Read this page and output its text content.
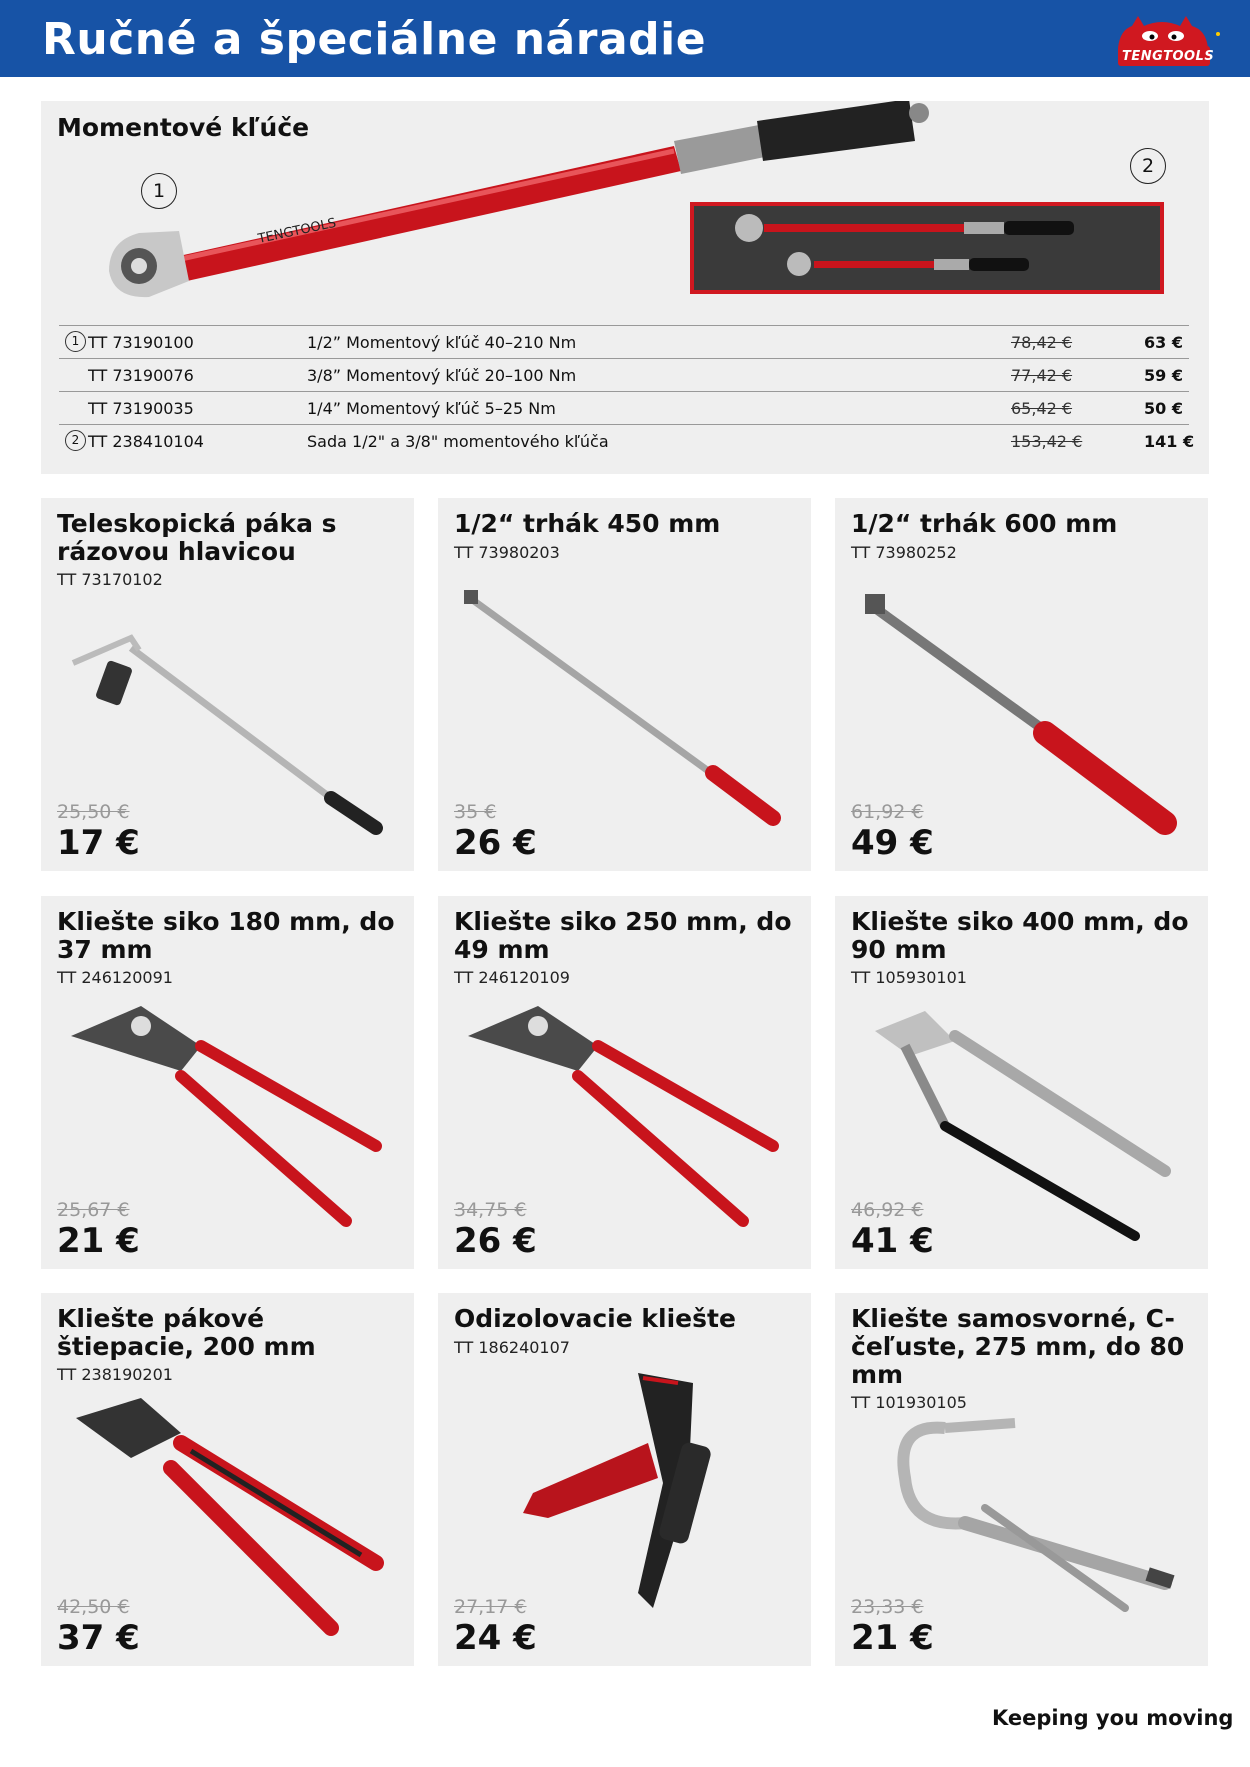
Ručné a špeciálne náradie	TENGTOOLS
Momentové kľúče
TENGTOOLS
1
2
1 TT 73190100	1/2” Momentový kľúč 40–210 Nm	78,42 €	63 €
TT 73190076	3/8” Momentový kľúč 20–100 Nm	77,42 €	59 €
TT 73190035	1/4” Momentový kľúč 5–25 Nm	65,42 €	50 €
2 TT 238410104	Sada 1/2" a 3/8" momentového kľúča	153,42 €	141 €
Teleskopická páka s rázovou hlavicou
TT 73170102
25,50 €
17 €
1/2“ trhák 450 mm
TT 73980203
35 €
26 €
1/2“ trhák 600 mm
TT 73980252
61,92 €
49 €
Kliešte siko 180 mm, do 37 mm
TT 246120091
25,67 €
21 €
Kliešte siko 250 mm, do 49 mm
TT 246120109
34,75 €
26 €
Kliešte siko 400 mm, do 90 mm
TT 105930101
46,92 €
41 €
Kliešte pákové štiepacie, 200 mm
TT 238190201
42,50 €
37 €
Odizolovacie kliešte
TT 186240107
27,17 €
24 €
Kliešte samosvorné, C-čeľuste, 275 mm, do 80 mm
TT 101930105
23,33 €
21 €
Keeping you moving
